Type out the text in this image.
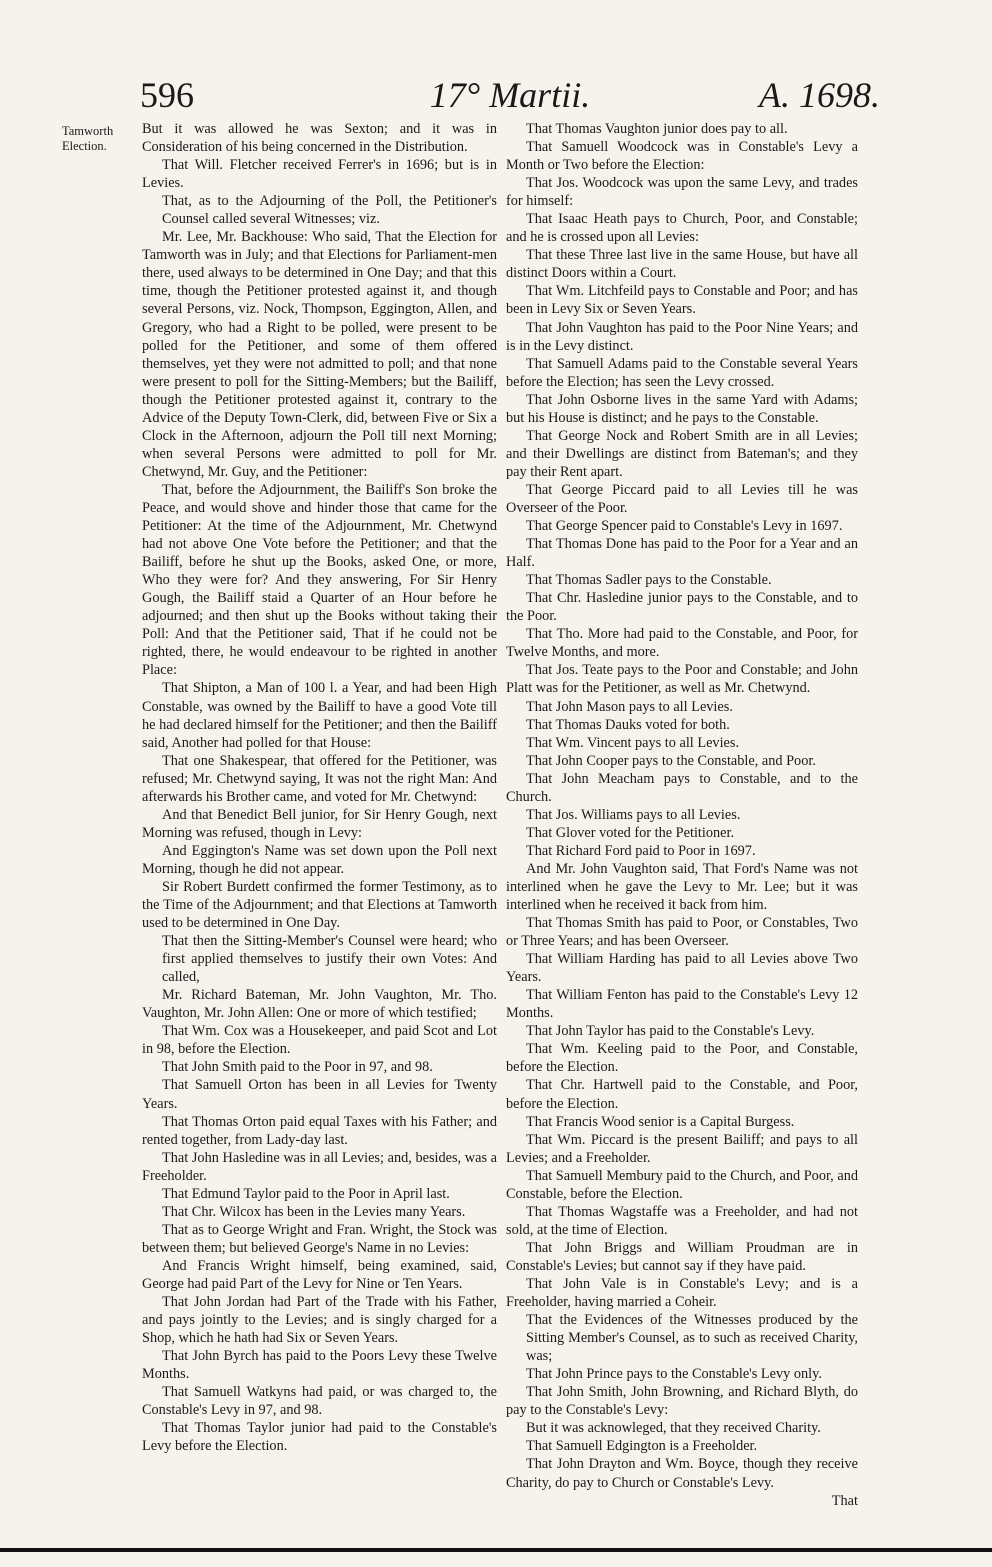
596	17° Martii.	A. 1698.
Tamworth Election.

But it was allowed he was Sexton; and it was in Consideration of his being concerned in the Distribution.

That Will. Fletcher received Ferrer's in 1696; but is in Levies.

That, as to the Adjourning of the Poll, the Petitioner's Counsel called several Witnesses; viz.

Mr. Lee, Mr. Backhouse: Who said, That the Election for Tamworth was in July; and that Elections for Parliament-men there, used always to be determined in One Day; and that this time, though the Petitioner protested against it, and though several Persons, viz. Nock, Thompson, Eggington, Allen, and Gregory, who had a Right to be polled, were present to be polled for the Petitioner, and some of them offered themselves, yet they were not admitted to poll; and that none were present to poll for the Sitting-Members; but the Bailiff, though the Petitioner protested against it, contrary to the Advice of the Deputy Town-Clerk, did, between Five or Six a Clock in the Afternoon, adjourn the Poll till next Morning; when several Persons were admitted to poll for Mr. Chetwynd, Mr. Guy, and the Petitioner:

That, before the Adjournment, the Bailiff's Son broke the Peace, and would shove and hinder those that came for the Petitioner: At the time of the Adjournment, Mr. Chetwynd had not above One Vote before the Petitioner; and that the Bailiff, before he shut up the Books, asked One, or more, Who they were for? And they answering, For Sir Henry Gough, the Bailiff staid a Quarter of an Hour before he adjourned; and then shut up the Books without taking their Poll: And that the Petitioner said, That if he could not be righted, there, he would endeavour to be righted in another Place:

That Shipton, a Man of 100 l. a Year, and had been High Constable, was owned by the Bailiff to have a good Vote till he had declared himself for the Petitioner; and then the Bailiff said, Another had polled for that House:

That one Shakespear, that offered for the Petitioner, was refused; Mr. Chetwynd saying, It was not the right Man: And afterwards his Brother came, and voted for Mr. Chetwynd:

And that Benedict Bell junior, for Sir Henry Gough, next Morning was refused, though in Levy:

And Eggington's Name was set down upon the Poll next Morning, though he did not appear.

Sir Robert Burdett confirmed the former Testimony, as to the Time of the Adjournment; and that Elections at Tamworth used to be determined in One Day.

That then the Sitting-Member's Counsel were heard; who first applied themselves to justify their own Votes: And called,

Mr. Richard Bateman, Mr. John Vaughton, Mr. Tho. Vaughton, Mr. John Allen: One or more of which testified;

That Wm. Cox was a Housekeeper, and paid Scot and Lot in 98, before the Election.

That John Smith paid to the Poor in 97, and 98.

That Samuell Orton has been in all Levies for Twenty Years.

That Thomas Orton paid equal Taxes with his Father; and rented together, from Lady-day last.

That John Hasledine was in all Levies; and, besides, was a Freeholder.

That Edmund Taylor paid to the Poor in April last.

That Chr. Wilcox has been in the Levies many Years.

That as to George Wright and Fran. Wright, the Stock was between them; but believed George's Name in no Levies:

And Francis Wright himself, being examined, said, George had paid Part of the Levy for Nine or Ten Years.

That John Jordan had Part of the Trade with his Father, and pays jointly to the Levies; and is singly charged for a Shop, which he hath had Six or Seven Years.

That John Byrch has paid to the Poors Levy these Twelve Months.

That Samuell Watkyns had paid, or was charged to, the Constable's Levy in 97, and 98.

That Thomas Taylor junior had paid to the Constable's Levy before the Election.

That Thomas Vaughton junior does pay to all.

That Samuell Woodcock was in Constable's Levy a Month or Two before the Election:

That Jos. Woodcock was upon the same Levy, and trades for himself:

That Isaac Heath pays to Church, Poor, and Constable; and he is crossed upon all Levies:

That these Three last live in the same House, but have all distinct Doors within a Court.

That Wm. Litchfeild pays to Constable and Poor; and has been in Levy Six or Seven Years.

That John Vaughton has paid to the Poor Nine Years; and is in the Levy distinct.

That Samuell Adams paid to the Constable several Years before the Election; has seen the Levy crossed.

That John Osborne lives in the same Yard with Adams; but his House is distinct; and he pays to the Constable.

That George Nock and Robert Smith are in all Levies; and their Dwellings are distinct from Bateman's; and they pay their Rent apart.

That George Piccard paid to all Levies till he was Overseer of the Poor.

That George Spencer paid to Constable's Levy in 1697.

That Thomas Done has paid to the Poor for a Year and an Half.

That Thomas Sadler pays to the Constable.

That Chr. Hasledine junior pays to the Constable, and to the Poor.

That Tho. More had paid to the Constable, and Poor, for Twelve Months, and more.

That Jos. Teate pays to the Poor and Constable; and John Platt was for the Petitioner, as well as Mr. Chetwynd.

That John Mason pays to all Levies.

That Thomas Dauks voted for both.

That Wm. Vincent pays to all Levies.

That John Cooper pays to the Constable, and Poor.

That John Meacham pays to Constable, and to the Church.

That Jos. Williams pays to all Levies.

That Glover voted for the Petitioner.

That Richard Ford paid to Poor in 1697.

And Mr. John Vaughton said, That Ford's Name was not interlined when he gave the Levy to Mr. Lee; but it was interlined when he received it back from him.

That Thomas Smith has paid to Poor, or Constables, Two or Three Years; and has been Overseer.

That William Harding has paid to all Levies above Two Years.

That William Fenton has paid to the Constable's Levy 12 Months.

That John Taylor has paid to the Constable's Levy.

That Wm. Keeling paid to the Poor, and Constable, before the Election.

That Chr. Hartwell paid to the Constable, and Poor, before the Election.

That Francis Wood senior is a Capital Burgess.

That Wm. Piccard is the present Bailiff; and pays to all Levies; and a Freeholder.

That Samuell Membury paid to the Church, and Poor, and Constable, before the Election.

That Thomas Wagstaffe was a Freeholder, and had not sold, at the time of Election.

That John Briggs and William Proudman are in Constable's Levies; but cannot say if they have paid.

That John Vale is in Constable's Levy; and is a Freeholder, having married a Coheir.

That the Evidences of the Witnesses produced by the Sitting Member's Counsel, as to such as received Charity, was;

That John Prince pays to the Constable's Levy only.

That John Smith, John Browning, and Richard Blyth, do pay to the Constable's Levy:

But it was acknowleged, that they received Charity.

That Samuell Edgington is a Freeholder.

That John Drayton and Wm. Boyce, though they receive Charity, do pay to Church or Constable's Levy.

That
